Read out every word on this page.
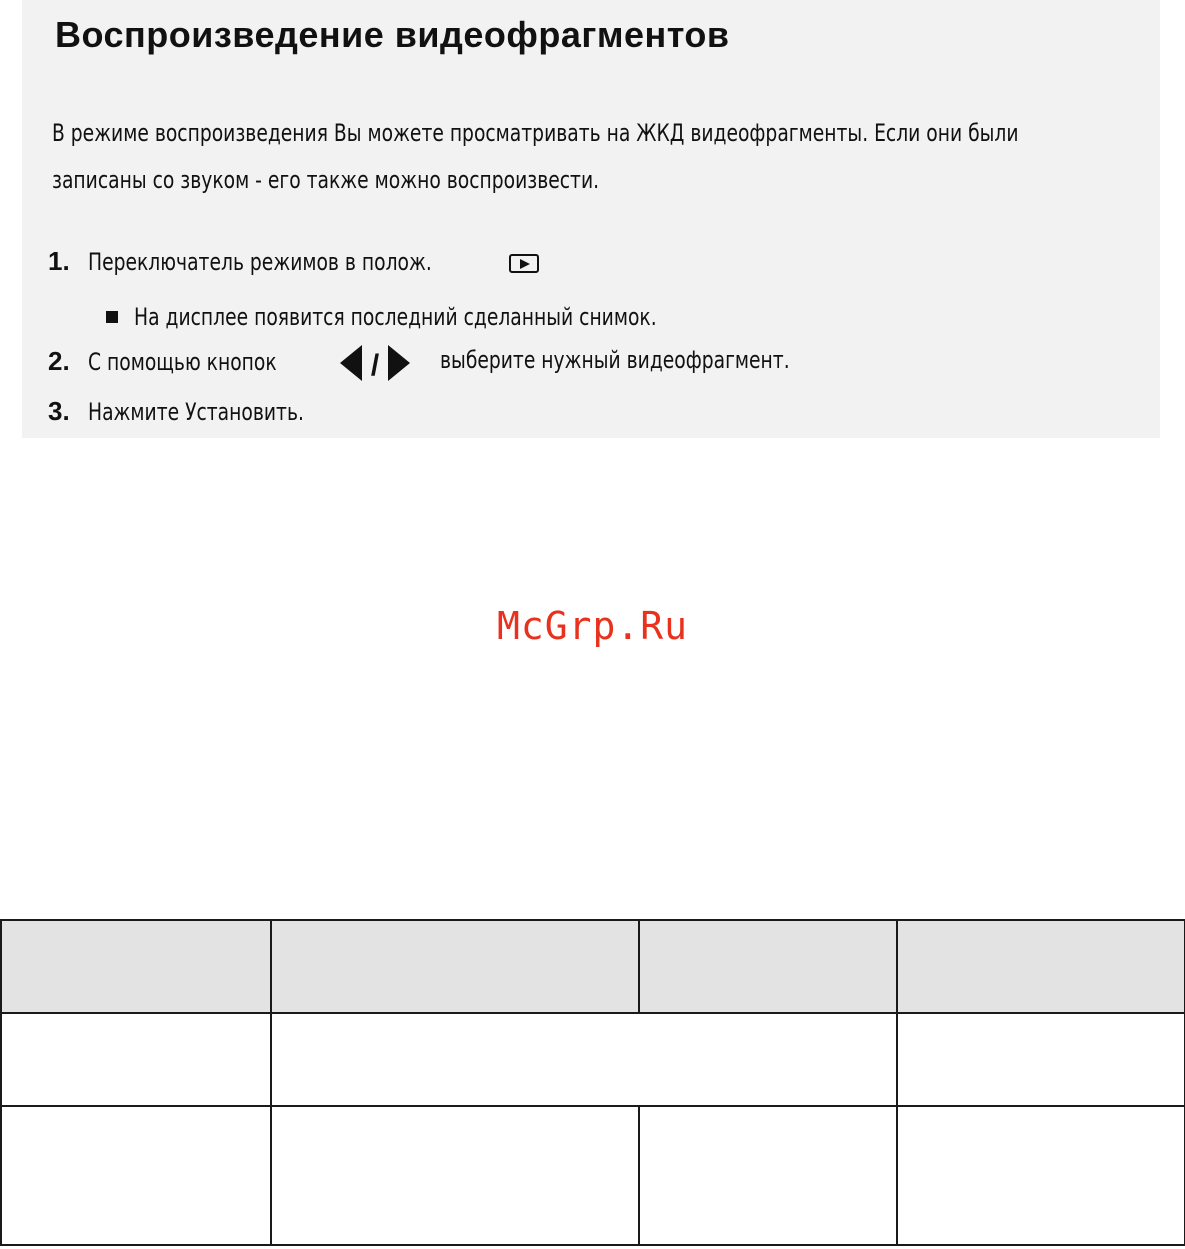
Воспроизведение видеофрагментов
В режиме воспроизведения Вы можете просматривать на ЖКД видеофрагменты. Если они были
записаны со звуком - его также можно воспроизвести.
1. Переключатель режимов в полож.
На дисплее появится последний сделанный снимок.
2. С помощью кнопок	/	выберите нужный видеофрагмент.
3. Нажмите Установить.
McGrp.Ru
